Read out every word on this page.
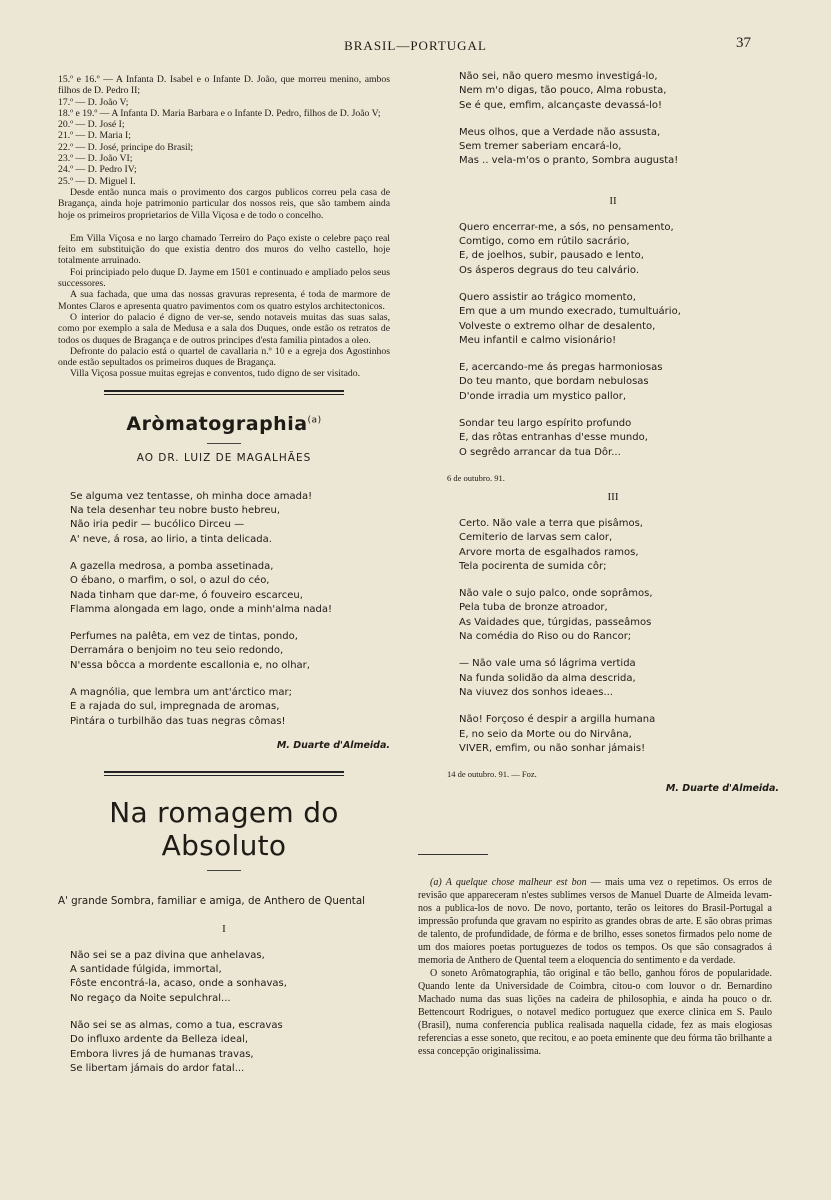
BRASIL—PORTUGAL	37

15.º e 16.º — A Infanta D. Isabel e o Infante D. João, que morreu menino, ambos filhos de D. Pedro II;

17.º — D. João V;

18.º e 19.º — A Infanta D. Maria Barbara e o Infante D. Pedro, filhos de D. João V;

20.º — D. José I;

21.º — D. Maria I;

22.º — D. José, principe do Brasil;

23.º — D. João VI;

24.º — D. Pedro IV;

25.º — D. Miguel I.

Desde então nunca mais o provimento dos cargos publicos correu pela casa de Bragança, ainda hoje patrimonio particular dos nossos reis, que são tambem ainda hoje os primeiros proprietarios de Villa Viçosa e de todo o concelho.

Em Villa Viçosa e no largo chamado Terreiro do Paço existe o celebre paço real feito em substituição do que existia dentro dos muros do velho castello, hoje totalmente arruinado.

Foi principiado pelo duque D. Jayme em 1501 e continuado e ampliado pelos seus successores.

A sua fachada, que uma das nossas gravuras representa, é toda de marmore de Montes Claros e apresenta quatro pavimentos com os quatro estylos architectonicos.

O interior do palacio é digno de ver-se, sendo notaveis muitas das suas salas, como por exemplo a sala de Medusa e a sala dos Duques, onde estão os retratos de todos os duques de Bragança e de outros principes d'esta familia pintados a oleo.

Defronte do palacio está o quartel de cavallaria n.º 10 e a egreja dos Agostinhos onde estão sepultados os primeiros duques de Bragança.

Villa Viçosa possue muitas egrejas e conventos, tudo digno de ser visitado.

Aròmatographia$^{(a)}$
AO DR. LUIZ DE MAGALHÃES
Se alguma vez tentasse, oh minha doce amada!
Na tela desenhar teu nobre busto hebreu,
Não iria pedir — bucólico Dirceu —
A' neve, á rosa, ao lirio, a tinta delicada.
A gazella medrosa, a pomba assetinada,
O ébano, o marfim, o sol, o azul do céo,
Nada tinham que dar-me, ó fouveiro escarceu,
Flamma alongada em lago, onde a minh'alma nada!
Perfumes na palêta, em vez de tintas, pondo,
Derramára o benjoim no teu seio redondo,
N'essa bôcca a mordente escallonia e, no olhar,
A magnólia, que lembra um ant'árctico mar;
E a rajada do sul, impregnada de aromas,
Pintára o turbilhão das tuas negras cômas!
M. Duarte d'Almeida.
Na romagem do Absoluto
A' grande Sombra, familiar e amiga, de Anthero de Quental
I
Não sei se a paz divina que anhelavas,
A santidade fúlgida, immortal,
Fôste encontrá-la, acaso, onde a sonhavas,
No regaço da Noite sepulchral...
Não sei se as almas, como a tua, escravas
Do influxo ardente da Belleza ideal,
Embora livres já de humanas travas,
Se libertam jámais do ardor fatal...
Não sei, não quero mesmo investigá-lo,
Nem m'o digas, tão pouco, Alma robusta,
Se é que, emfim, alcançaste devassá-lo!
Meus olhos, que a Verdade não assusta,
Sem tremer saberiam encará-lo,
Mas .. vela-m'os o pranto, Sombra augusta!
II
Quero encerrar-me, a sós, no pensamento,
Comtigo, como em rútilo sacrário,
E, de joelhos, subir, pausado e lento,
Os ásperos degraus do teu calvário.
Quero assistir ao trágico momento,
Em que a um mundo execrado, tumultuário,
Volveste o extremo olhar de desalento,
Meu infantil e calmo visionário!
E, acercando-me ás pregas harmoniosas
Do teu manto, que bordam nebulosas
D'onde irradia um mystico pallor,
Sondar teu largo espírito profundo
E, das rôtas entranhas d'esse mundo,
O segrêdo arrancar da tua Dôr...
6 de outubro. 91.
III
Certo. Não vale a terra que pisâmos,
Cemiterio de larvas sem calor,
Arvore morta de esgalhados ramos,
Tela pocirenta de sumida côr;
Não vale o sujo palco, onde soprâmos,
Pela tuba de bronze atroador,
As Vaidades que, túrgidas, passeâmos
Na comédia do Riso ou do Rancor;
— Não vale uma só lágrima vertida
Na funda solidão da alma descrida,
Na viuvez dos sonhos ideaes...
Não! Forçoso é despir a argilla humana
E, no seio da Morte ou do Nirvâna,
VIVER, emfim, ou não sonhar jámais!
14 de outubro. 91. — Foz.
M. Duarte d'Almeida.

(a) A quelque chose malheur est bon — mais uma vez o repetimos. Os erros de revisão que appareceram n'estes sublimes versos de Manuel Duarte de Almeida levam-nos a publica-los de novo. De novo, portanto, terão os leitores do Brasil-Portugal a impressão profunda que gravam no espirito as grandes obras de arte. E são obras primas de talento, de profundidade, de fórma e de brilho, esses sonetos firmados pelo nome de um dos maiores poetas portuguezes de todos os tempos. Os que são consagrados á memoria de Anthero de Quental teem a eloquencia do sentimento e da verdade.

O soneto Arômatographia, tão original e tão bello, ganhou fóros de popularidade. Quando lente da Universidade de Coimbra, citou-o com louvor o dr. Bernardino Machado numa das suas lições na cadeira de philosophia, e ainda ha pouco o dr. Bettencourt Rodrigues, o notavel medico portuguez que exerce clinica em S. Paulo (Brasil), numa conferencia publica realisada naquella cidade, fez as mais elogiosas referencias a esse soneto, que recitou, e ao poeta eminente que deu fórma tão brilhante a essa concepção originalissima.
